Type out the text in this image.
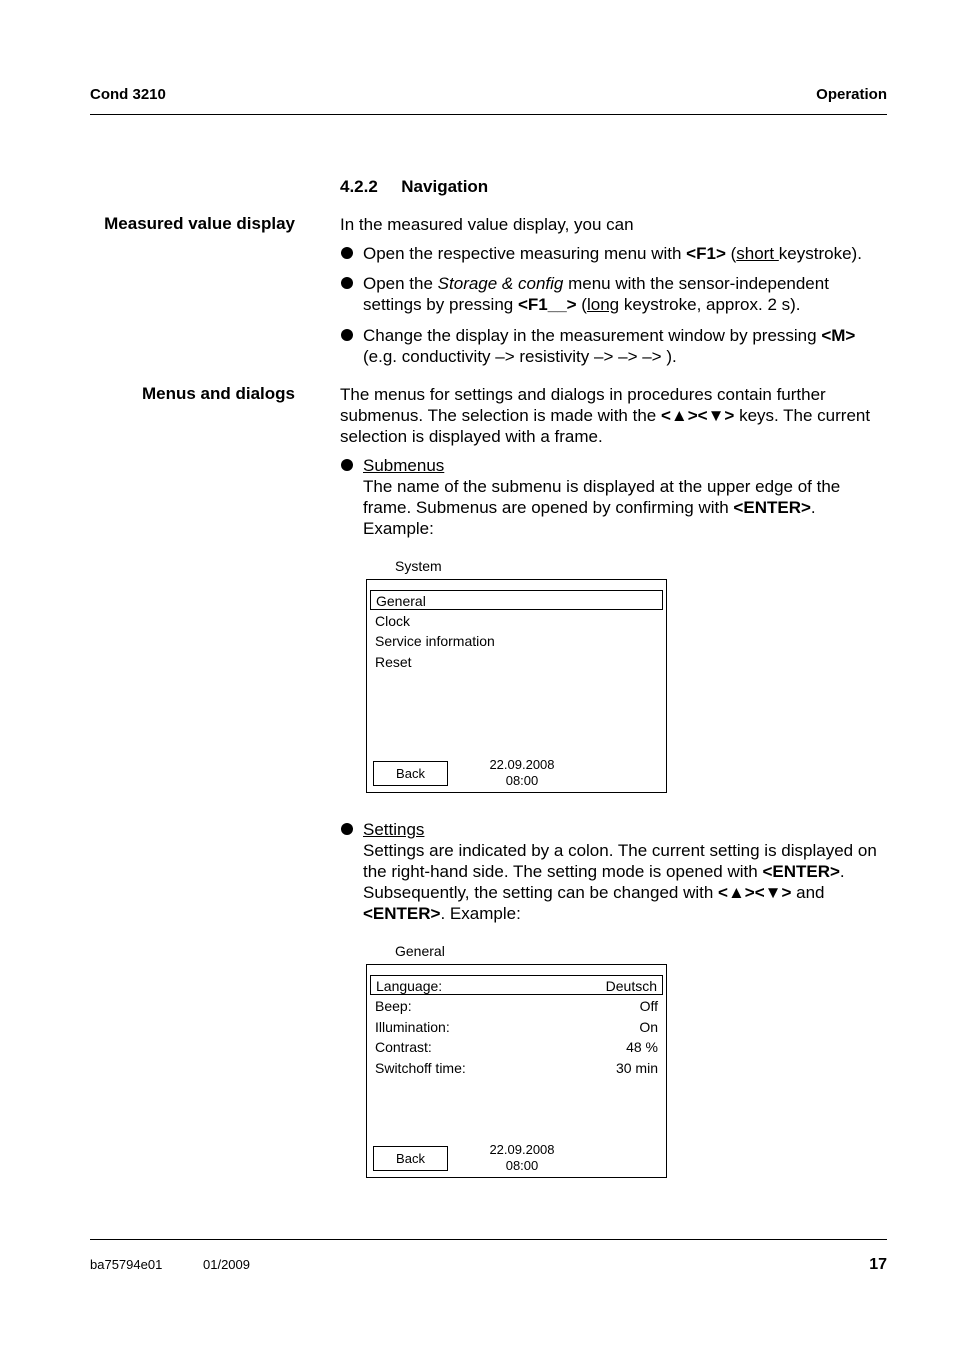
Cond 3210	Operation
4.2.2 Navigation
Measured value display	In the measured value display, you can
Open the respective measuring menu with <F1> (short keystroke).
Open the Storage & config menu with the sensor-independent
settings by pressing <F1__> (long keystroke, approx. 2 s).
Change the display in the measurement window by pressing <M>
(e.g. conductivity –> resistivity –> –> –> ).
Menus and dialogs	The menus for settings and dialogs in procedures contain further
submenus. The selection is made with the <▲><▼> keys. The current
selection is displayed with a frame.
Submenus
The name of the submenu is displayed at the upper edge of the
frame. Submenus are opened by confirming with <ENTER>.
Example:
System
General
Clock
Service information
Reset
Back
22.09.2008
08:00
Settings
Settings are indicated by a colon. The current setting is displayed on
the right-hand side. The setting mode is opened with <ENTER>.
Subsequently, the setting can be changed with <▲><▼> and
<ENTER>. Example:
General
Language:	Deutsch
Beep:	Off
Illumination:	On
Contrast:	48 %
Switchoff time:	30 min
Back
22.09.2008
08:00
ba75794e01	01/2009	17
